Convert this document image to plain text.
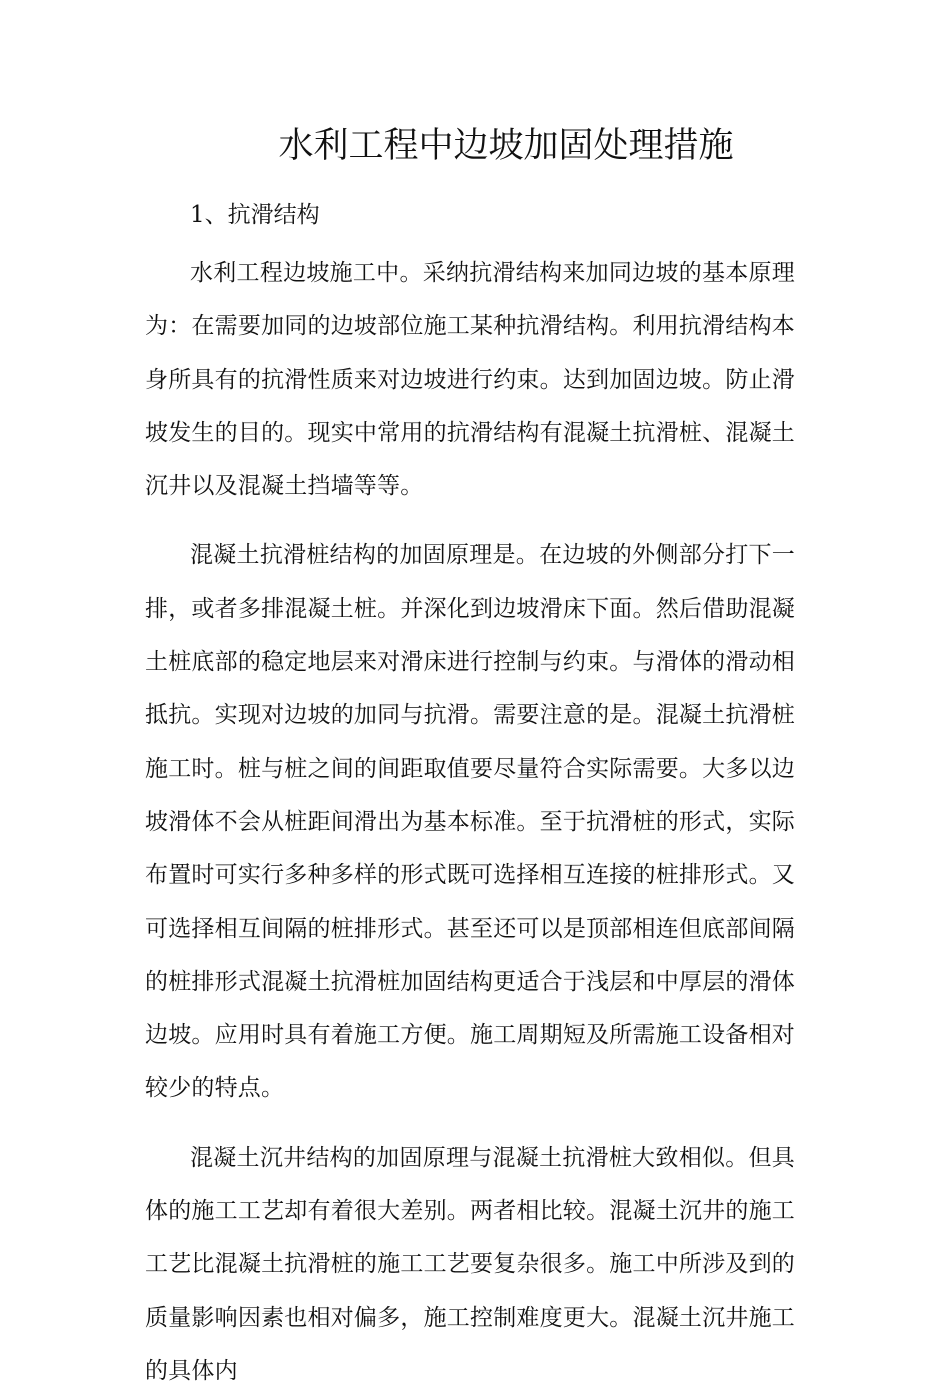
水利工程中边坡加固处理措施

1、抗滑结构

水利工程边坡施工中。采纳抗滑结构来加同边坡的基本原理为：在需要加同的边坡部位施工某种抗滑结构。利用抗滑结构本身所具有的抗滑性质来对边坡进行约束。达到加固边坡。防止滑坡发生的目的。现实中常用的抗滑结构有混凝土抗滑桩、混凝土沉井以及混凝土挡墙等等。

混凝土抗滑桩结构的加固原理是。在边坡的外侧部分打下一排，或者多排混凝土桩。并深化到边坡滑床下面。然后借助混凝土桩底部的稳定地层来对滑床进行控制与约束。与滑体的滑动相抵抗。实现对边坡的加同与抗滑。需要注意的是。混凝土抗滑桩施工时。桩与桩之间的间距取值要尽量符合实际需要。大多以边坡滑体不会从桩距间滑出为基本标准。至于抗滑桩的形式，实际布置时可实行多种多样的形式既可选择相互连接的桩排形式。又可选择相互间隔的桩排形式。甚至还可以是顶部相连但底部间隔的桩排形式混凝土抗滑桩加固结构更适合于浅层和中厚层的滑体边坡。应用时具有着施工方便。施工周期短及所需施工设备相对较少的特点。

混凝土沉井结构的加固原理与混凝土抗滑桩大致相似。但具体的施工工艺却有着很大差别。两者相比较。混凝土沉井的施工工艺比混凝土抗滑桩的施工工艺要复杂很多。施工中所涉及到的质量影响因素也相对偏多，施工控制难度更大。混凝土沉井施工的具体内
